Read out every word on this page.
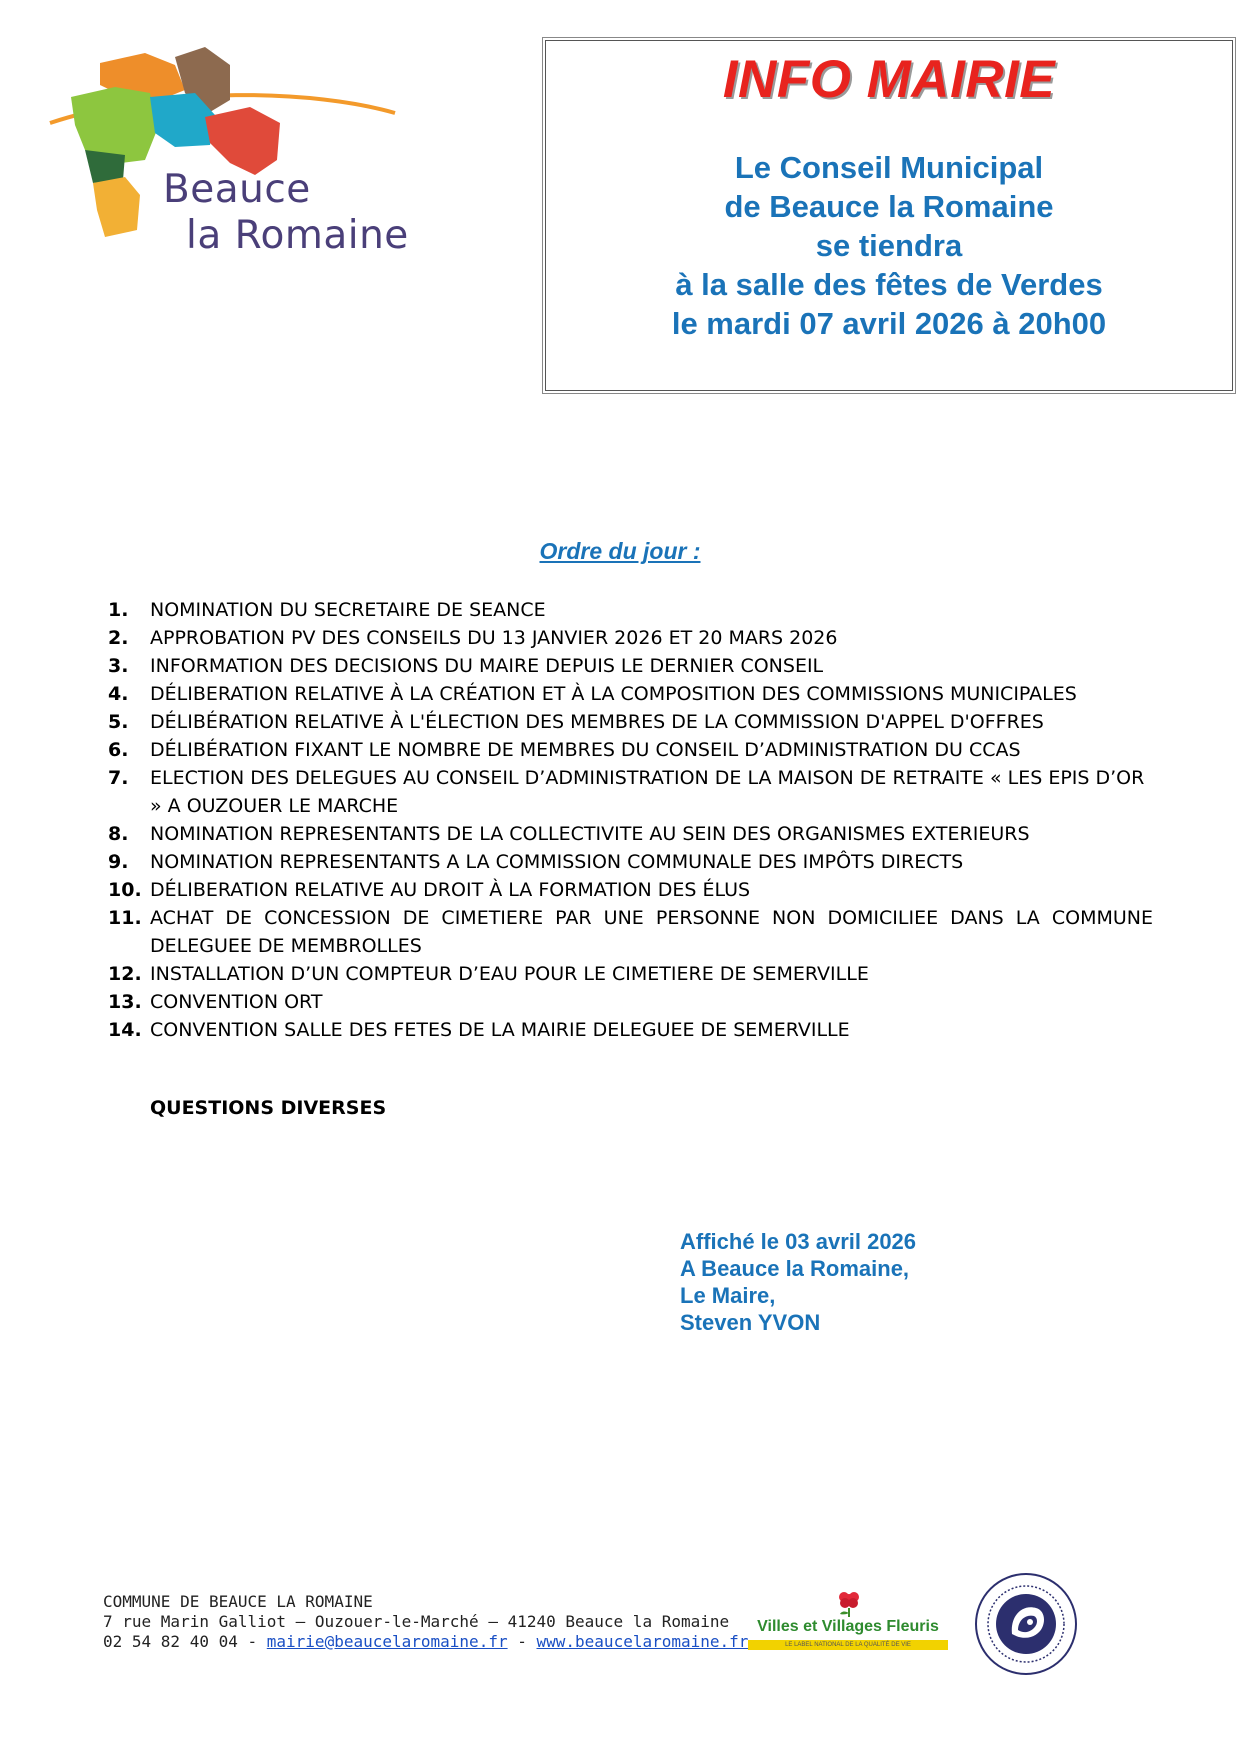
Beauce
la Romaine
INFO MAIRIE
Le Conseil Municipal
de Beauce la Romaine
se tiendra
à la salle des fêtes de Verdes
le mardi 07 avril 2026 à 20h00
Ordre du jour :
1. NOMINATION DU SECRETAIRE DE SEANCE
2. APPROBATION PV DES CONSEILS DU 13 JANVIER 2026 ET 20 MARS 2026
3. INFORMATION DES DECISIONS DU MAIRE DEPUIS LE DERNIER CONSEIL
4. DÉLIBERATION RELATIVE À LA CRÉATION ET À LA COMPOSITION DES COMMISSIONS MUNICIPALES
5. DÉLIBÉRATION RELATIVE À L'ÉLECTION DES MEMBRES DE LA COMMISSION D'APPEL D'OFFRES
6. DÉLIBÉRATION FIXANT LE NOMBRE DE MEMBRES DU CONSEIL D’ADMINISTRATION DU CCAS
7. ELECTION DES DELEGUES AU CONSEIL D’ADMINISTRATION DE LA MAISON DE RETRAITE « LES EPIS D’OR » A OUZOUER LE MARCHE
8. NOMINATION REPRESENTANTS DE LA COLLECTIVITE AU SEIN DES ORGANISMES EXTERIEURS
9. NOMINATION REPRESENTANTS A LA COMMISSION COMMUNALE DES IMPÔTS DIRECTS
10. DÉLIBERATION RELATIVE AU DROIT À LA FORMATION DES ÉLUS
11. ACHAT DE CONCESSION DE CIMETIERE PAR UNE PERSONNE NON DOMICILIEE DANS LA COMMUNE DELEGUEE DE MEMBROLLES
12. INSTALLATION D’UN COMPTEUR D’EAU POUR LE CIMETIERE DE SEMERVILLE
13. CONVENTION ORT
14. CONVENTION SALLE DES FETES DE LA MAIRIE DELEGUEE DE SEMERVILLE
QUESTIONS DIVERSES
Affiché le 03 avril 2026
A Beauce la Romaine,
Le Maire,
Steven YVON
COMMUNE DE BEAUCE LA ROMAINE
7 rue Marin Galliot – Ouzouer-le-Marché – 41240 Beauce la Romaine
02 54 82 40 04 - mairie@beaucelaromaine.fr - www.beaucelaromaine.fr
Villes et Villages Fleuris
LE LABEL NATIONAL DE LA QUALITÉ DE VIE
